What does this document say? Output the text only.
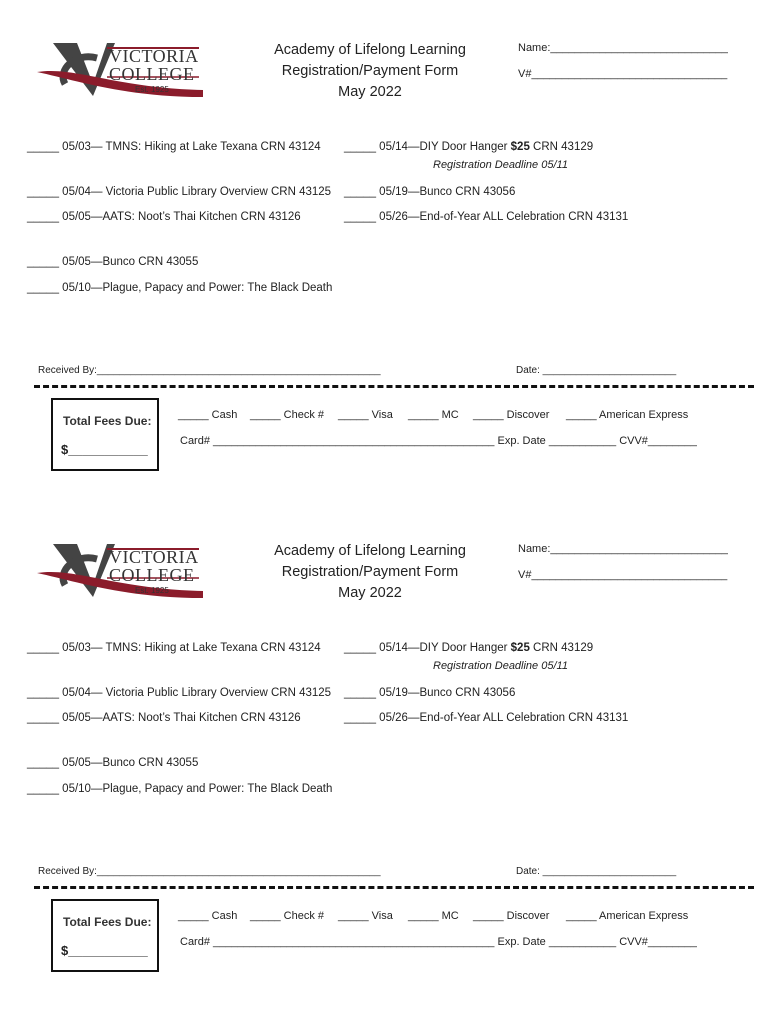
VICTORIA
COLLEGE
Est. 1925
Academy of Lifelong Learning
Registration/Payment Form
May 2022
Name:_____________________________
V#________________________________
_____ 05/03— TMNS: Hiking at Lake Texana CRN 43124
_____ 05/04— Victoria Public Library Overview CRN 43125
_____ 05/05—AATS: Noot’s Thai Kitchen CRN 43126
_____ 05/05—Bunco CRN 43055
_____ 05/10—Plague, Papacy and Power: The Black Death
_____ 05/14—DIY Door Hanger $25 CRN 43129
Registration Deadline 05/11
_____ 05/19—Bunco CRN 43056
_____ 05/26—End-of-Year ALL Celebration CRN 43131
Received By:___________________________________________________	Date: ________________________
Total Fees Due:
$___________
_____ Cash _____ Check # _____ Visa _____ MC _____ Discover _____ American Express
Card# ______________________________________________ Exp. Date ___________ CVV#________
VICTORIA
COLLEGE
Est. 1925
Academy of Lifelong Learning
Registration/Payment Form
May 2022
Name:_____________________________
V#________________________________
_____ 05/03— TMNS: Hiking at Lake Texana CRN 43124
_____ 05/04— Victoria Public Library Overview CRN 43125
_____ 05/05—AATS: Noot’s Thai Kitchen CRN 43126
_____ 05/05—Bunco CRN 43055
_____ 05/10—Plague, Papacy and Power: The Black Death
_____ 05/14—DIY Door Hanger $25 CRN 43129
Registration Deadline 05/11
_____ 05/19—Bunco CRN 43056
_____ 05/26—End-of-Year ALL Celebration CRN 43131
Received By:___________________________________________________	Date: ________________________
Total Fees Due:
$___________
_____ Cash _____ Check # _____ Visa _____ MC _____ Discover _____ American Express
Card# ______________________________________________ Exp. Date ___________ CVV#________
